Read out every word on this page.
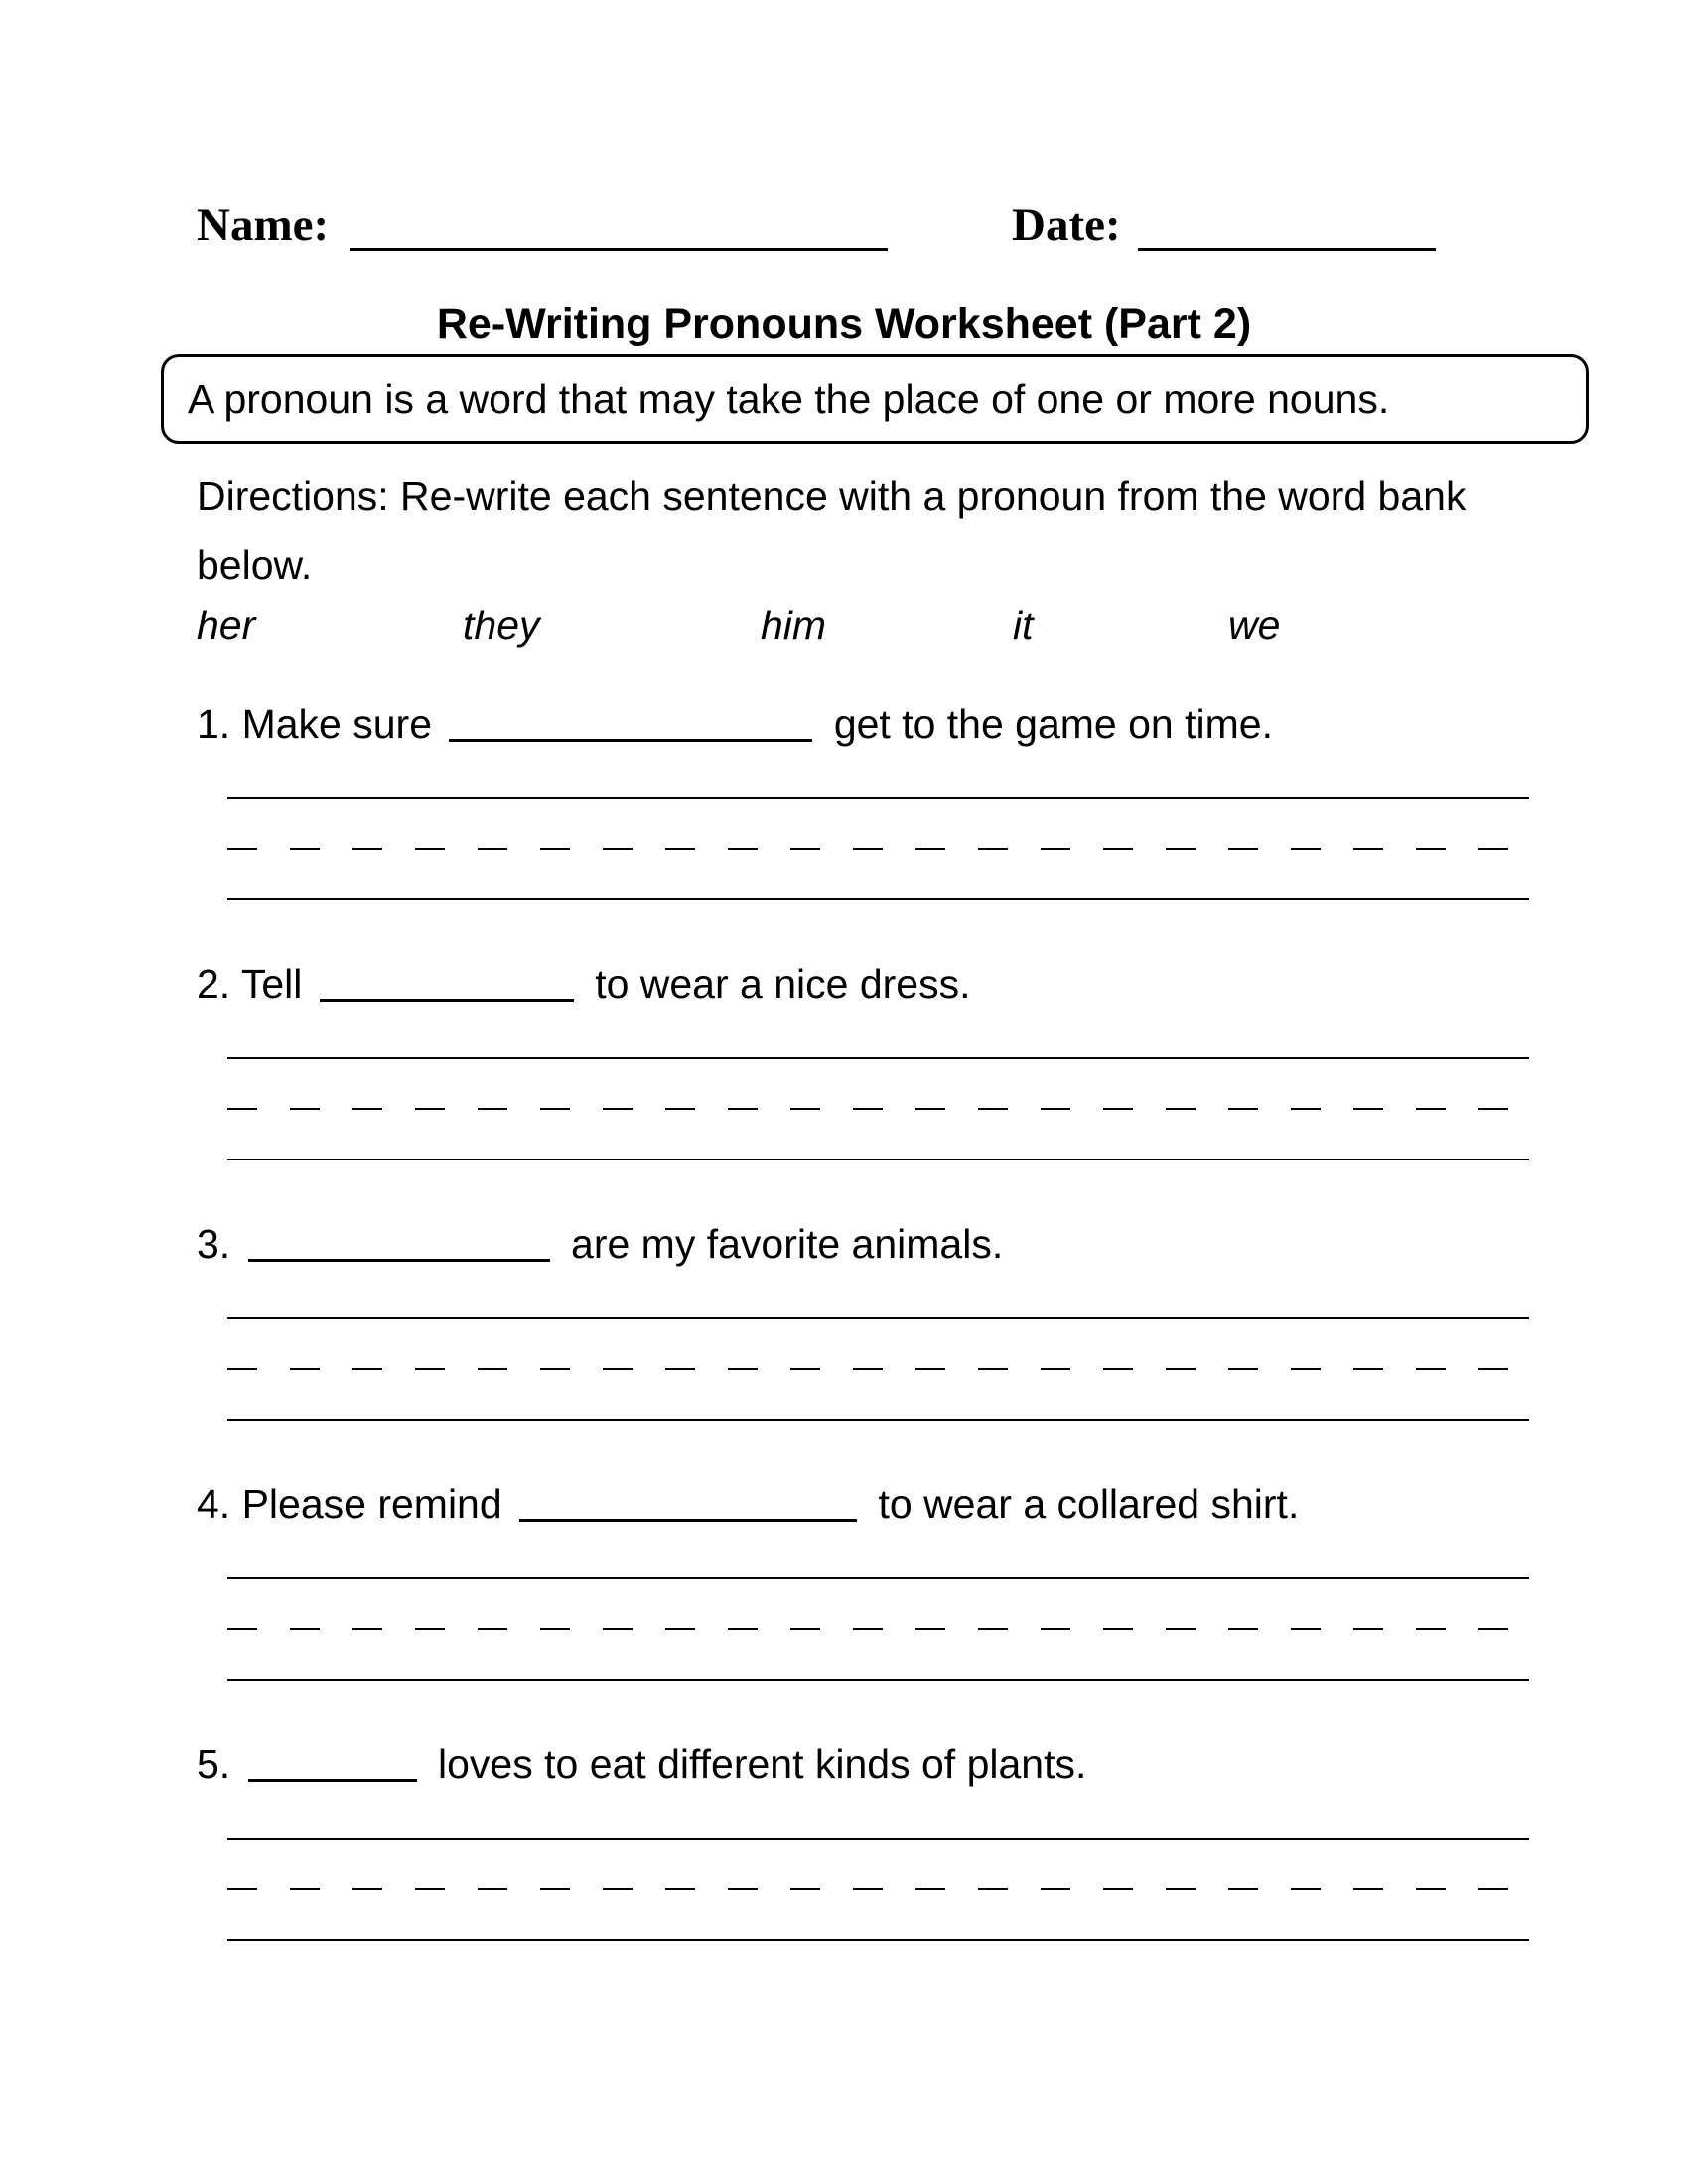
Name:	Date:
Re-Writing Pronouns Worksheet (Part 2)
A pronoun is a word that may take the place of one or more nouns.
Directions: Re-write each sentence with a pronoun from the word bank below.
her	they	him	it	we
1. Make sure	get to the game on time.
2. Tell	to wear a nice dress.
3.	are my favorite animals.
4. Please remind	to wear a collared shirt.
5.	loves to eat different kinds of plants.
